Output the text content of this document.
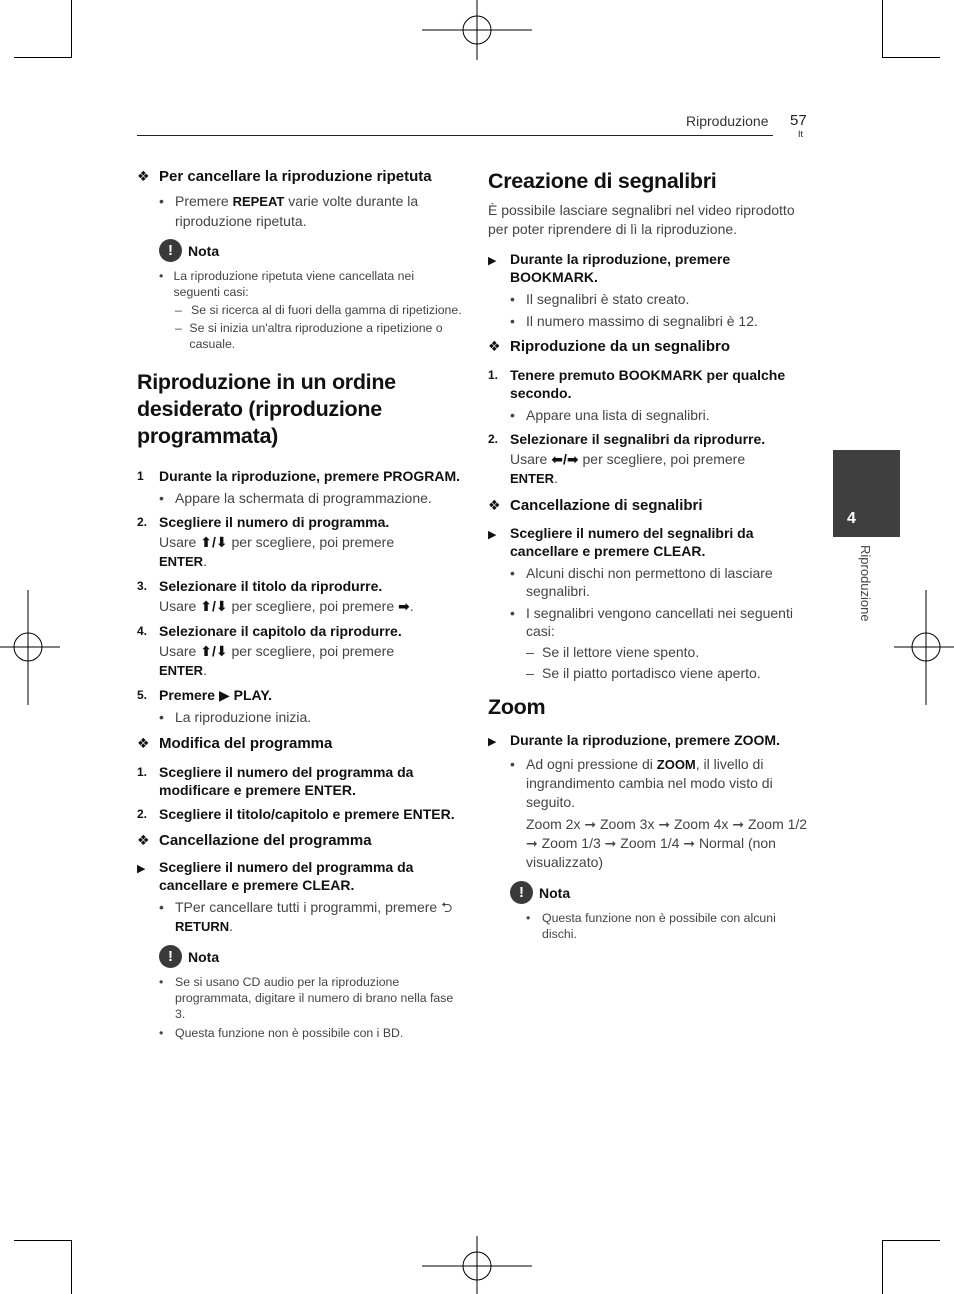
Riproduzione 57
It
4
Riproduzione
❖ Per cancellare la riproduzione ripetuta
• Premere REPEAT varie volte durante la riproduzione ripetuta.
!	Nota
• La riproduzione ripetuta viene cancellata nei seguenti casi:
– Se si ricerca al di fuori della gamma di ripetizione.
– Se si inizia un'altra riproduzione a ripetizione o casuale.
Riproduzione in un ordine desiderato (riproduzione programmata)
1	Durante la riproduzione, premere PROGRAM.
• Appare la schermata di programmazione.
2. Scegliere il numero di programma.
Usare ⬆/⬇ per scegliere, poi premere
ENTER.
3. Selezionare il titolo da riprodurre.
Usare ⬆/⬇ per scegliere, poi premere ➡.
4. Selezionare il capitolo da riprodurre.
Usare ⬆/⬇ per scegliere, poi premere
ENTER.
5. Premere ▶ PLAY.
• La riproduzione inizia.
❖ Modifica del programma
1. Scegliere il numero del programma da modificare e premere ENTER.
2. Scegliere il titolo/capitolo e premere ENTER.
❖ Cancellazione del programma
▶ Scegliere il numero del programma da cancellare e premere CLEAR.
• TPer cancellare tutti i programmi, premere ⮌ RETURN.
!	Nota
• Se si usano CD audio per la riproduzione programmata, digitare il numero di brano nella fase 3.
• Questa funzione non è possibile con i BD.
Creazione di segnalibri
È possibile lasciare segnalibri nel video riprodotto per poter riprendere di lì la riproduzione.
▶ Durante la riproduzione, premere BOOKMARK.
• Il segnalibri è stato creato.
• Il numero massimo di segnalibri è 12.
❖ Riproduzione da un segnalibro
1. Tenere premuto BOOKMARK per qualche secondo.
• Appare una lista di segnalibri.
2. Selezionare il segnalibri da riprodurre.
Usare ⬅/➡ per scegliere, poi premere
ENTER.
❖ Cancellazione di segnalibri
▶ Scegliere il numero del segnalibri da cancellare e premere CLEAR.
• Alcuni dischi non permettono di lasciare segnalibri.
• I segnalibri vengono cancellati nei seguenti casi:
– Se il lettore viene spento.
– Se il piatto portadisco viene aperto.
Zoom
▶ Durante la riproduzione, premere ZOOM.
• Ad ogni pressione di ZOOM, il livello di ingrandimento cambia nel modo visto di seguito.
Zoom 2x ➞ Zoom 3x ➞ Zoom 4x ➞ Zoom 1/2 ➞ Zoom 1/3 ➞ Zoom 1/4 ➞ Normal (non visualizzato)
!	Nota
• Questa funzione non è possibile con alcuni dischi.
